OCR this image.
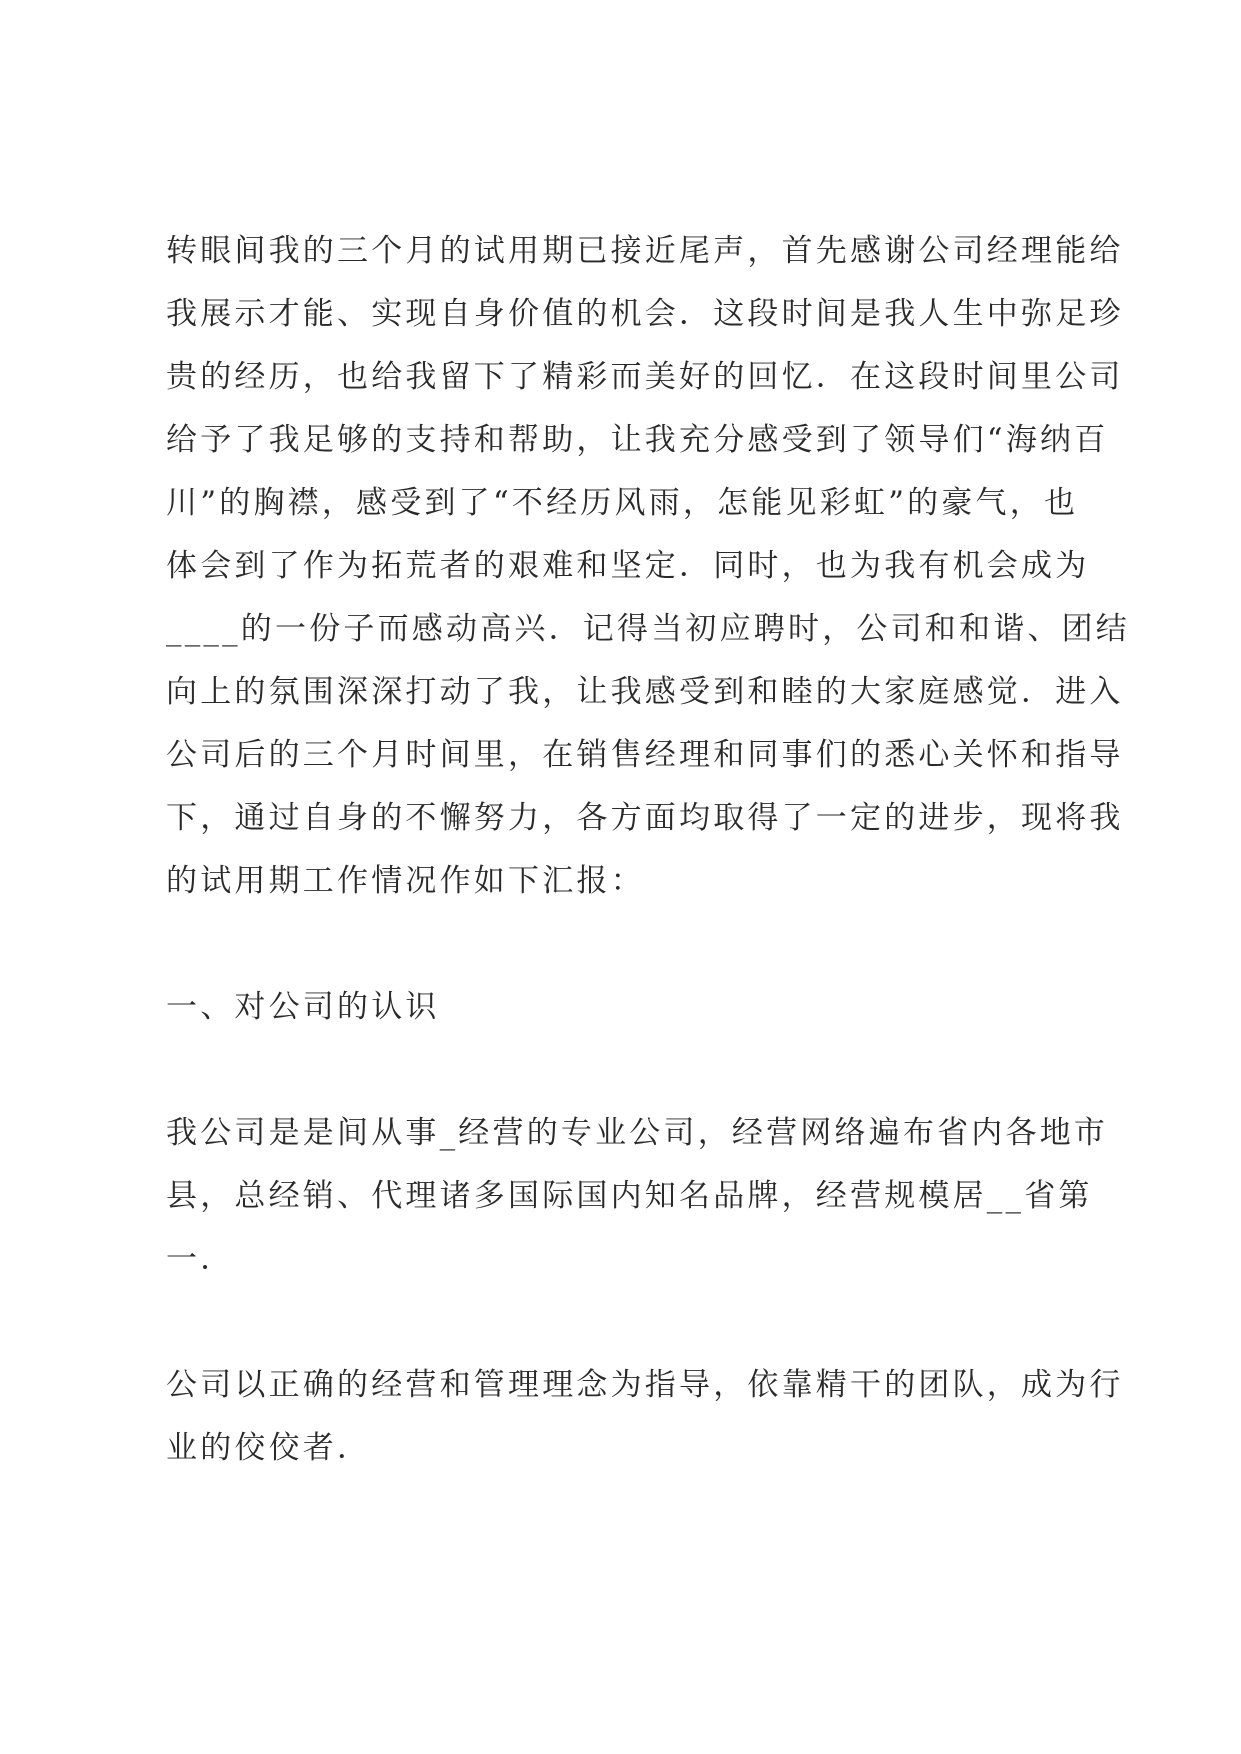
转眼间我的三个月的试用期已接近尾声，首先感谢公司经理能给
我展示才能、实现自身价值的机会．这段时间是我人生中弥足珍
贵的经历，也给我留下了精彩而美好的回忆．在这段时间里公司
给予了我足够的支持和帮助，让我充分感受到了领导们“海纳百
川”的胸襟，感受到了“不经历风雨，怎能见彩虹”的豪气，也
体会到了作为拓荒者的艰难和坚定．同时，也为我有机会成为
____的一份子而感动高兴．记得当初应聘时，公司和和谐、团结
向上的氛围深深打动了我，让我感受到和睦的大家庭感觉．进入
公司后的三个月时间里，在销售经理和同事们的悉心关怀和指导
下，通过自身的不懈努力，各方面均取得了一定的进步，现将我
的试用期工作情况作如下汇报：
一、对公司的认识
我公司是是间从事_经营的专业公司，经营网络遍布省内各地市
县，总经销、代理诸多国际国内知名品牌，经营规模居__省第
一．
公司以正确的经营和管理理念为指导，依靠精干的团队，成为行
业的佼佼者．
